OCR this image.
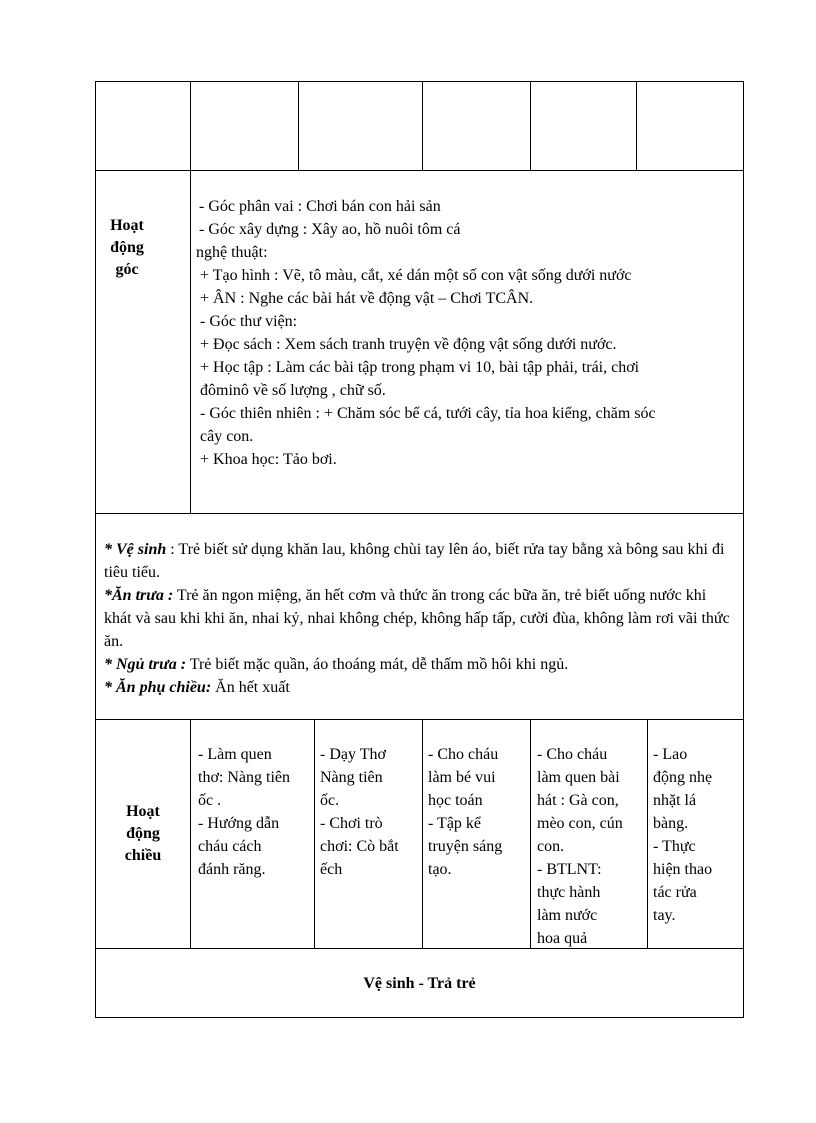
Hoạt
động
góc
- Góc phân vai : Chơi bán con hải sản
- Góc xây dựng : Xây ao, hồ nuôi tôm cá
nghệ thuật:
+ Tạo hình : Vẽ, tô màu, cắt, xé dán một số con vật sống dưới nước
+ ÂN : Nghe các bài hát về động vật – Chơi TCÂN.
- Góc thư viện:
+ Đọc sách : Xem sách tranh truyện về động vật sống dưới nước.
+ Học tập : Làm các bài tập trong phạm vi 10, bài tập phải, trái, chơi
đôminô về số lượng , chữ số.
- Góc thiên nhiên : + Chăm sóc bể cá, tưới cây, tỉa hoa kiểng, chăm sóc
cây con.
+ Khoa học: Tảo bơi.
* Vệ sinh : Trẻ biết sử dụng khăn lau, không chùi tay lên áo, biết rửa tay bằng xà bông sau khi đi tiêu tiểu.
*Ăn trưa : Trẻ ăn ngon miệng, ăn hết cơm và thức ăn trong các bữa ăn, trẻ biết uống nước khi khát và sau khi khi ăn, nhai kỷ, nhai không chép, không hấp tấp, cười đùa, không làm rơi vãi thức ăn.
* Ngủ trưa : Trẻ biết mặc quần, áo thoáng mát, dễ thấm mồ hôi khi ngủ.
* Ăn phụ chiều: Ăn hết xuất
Hoạt
động
chiều
- Làm quen
thơ: Nàng tiên
ốc .
- Hướng dẫn
cháu cách
đánh răng.
- Dạy Thơ
Nàng tiên
ốc.
- Chơi trò
chơi: Cò bắt
ếch
- Cho cháu
làm bé vui
học toán
- Tập kể
truyện sáng
tạo.
- Cho cháu
làm quen bài
hát : Gà con,
mèo con, cún
con.
- BTLNT:
thực hành
làm nước
hoa quả
- Lao
động nhẹ
nhặt lá
bàng.
- Thực
hiện thao
tác rửa
tay.
Vệ sinh - Trả trẻ
